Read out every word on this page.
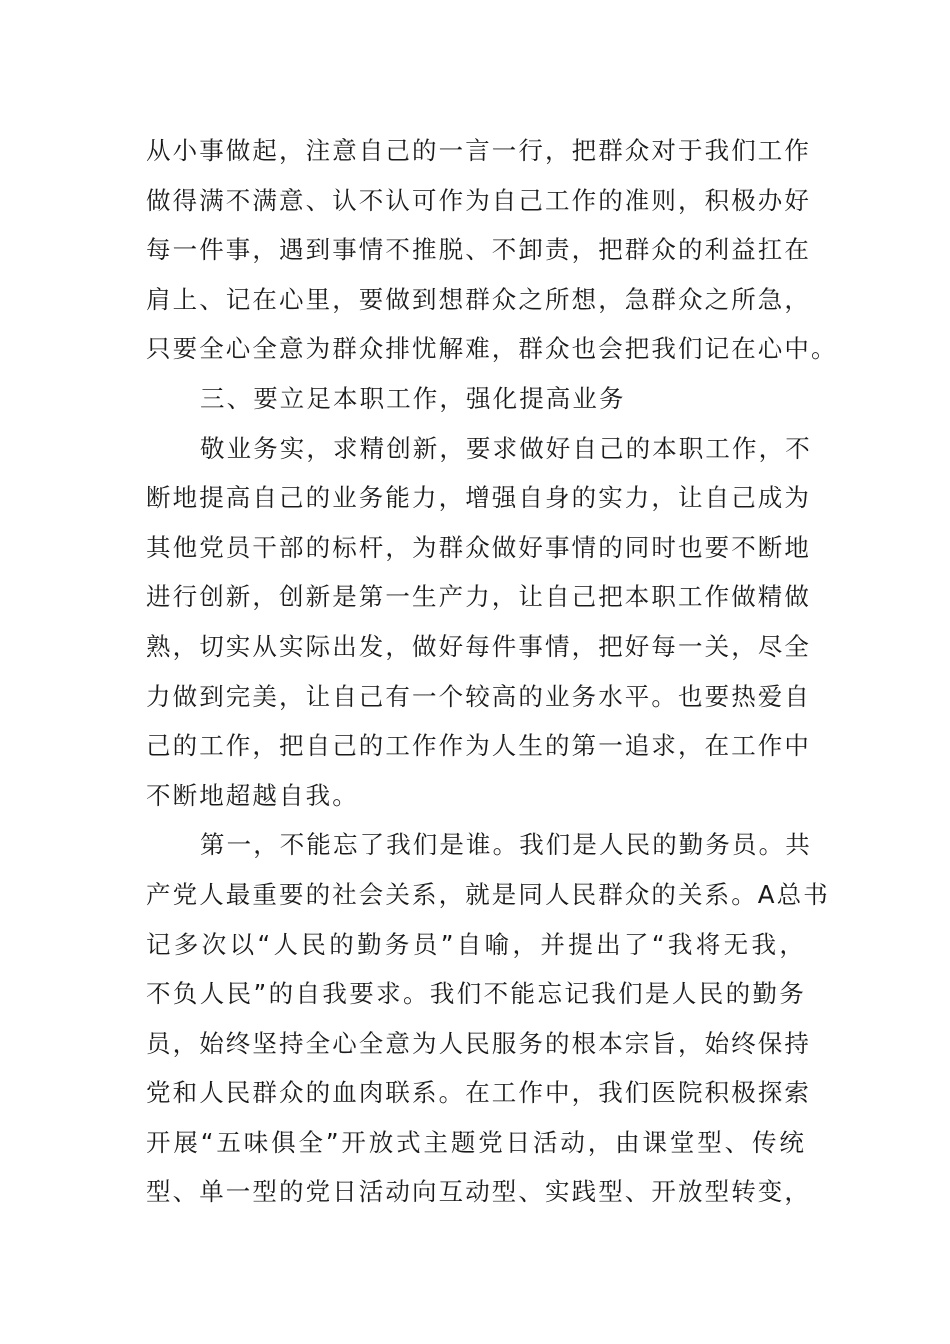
从小事做起，注意自己的一言一行，把群众对于我们工作
做得满不满意、认不认可作为自己工作的准则，积极办好
每一件事，遇到事情不推脱、不卸责，把群众的利益扛在
肩上、记在心里，要做到想群众之所想，急群众之所急，
只要全心全意为群众排忧解难，群众也会把我们记在心中。
三、要立足本职工作，强化提高业务
敬业务实，求精创新，要求做好自己的本职工作，不
断地提高自己的业务能力，增强自身的实力，让自己成为
其他党员干部的标杆，为群众做好事情的同时也要不断地
进行创新，创新是第一生产力，让自己把本职工作做精做
熟，切实从实际出发，做好每件事情，把好每一关，尽全
力做到完美，让自己有一个较高的业务水平。也要热爱自
己的工作，把自己的工作作为人生的第一追求，在工作中
不断地超越自我。
第一，不能忘了我们是谁。我们是人民的勤务员。共
产党人最重要的社会关系，就是同人民群众的关系。A总书
记多次以“人民的勤务员”自喻，并提出了“我将无我，
不负人民”的自我要求。我们不能忘记我们是人民的勤务
员，始终坚持全心全意为人民服务的根本宗旨，始终保持
党和人民群众的血肉联系。在工作中，我们医院积极探索
开展“五味俱全”开放式主题党日活动，由课堂型、传统
型、单一型的党日活动向互动型、实践型、开放型转变，
